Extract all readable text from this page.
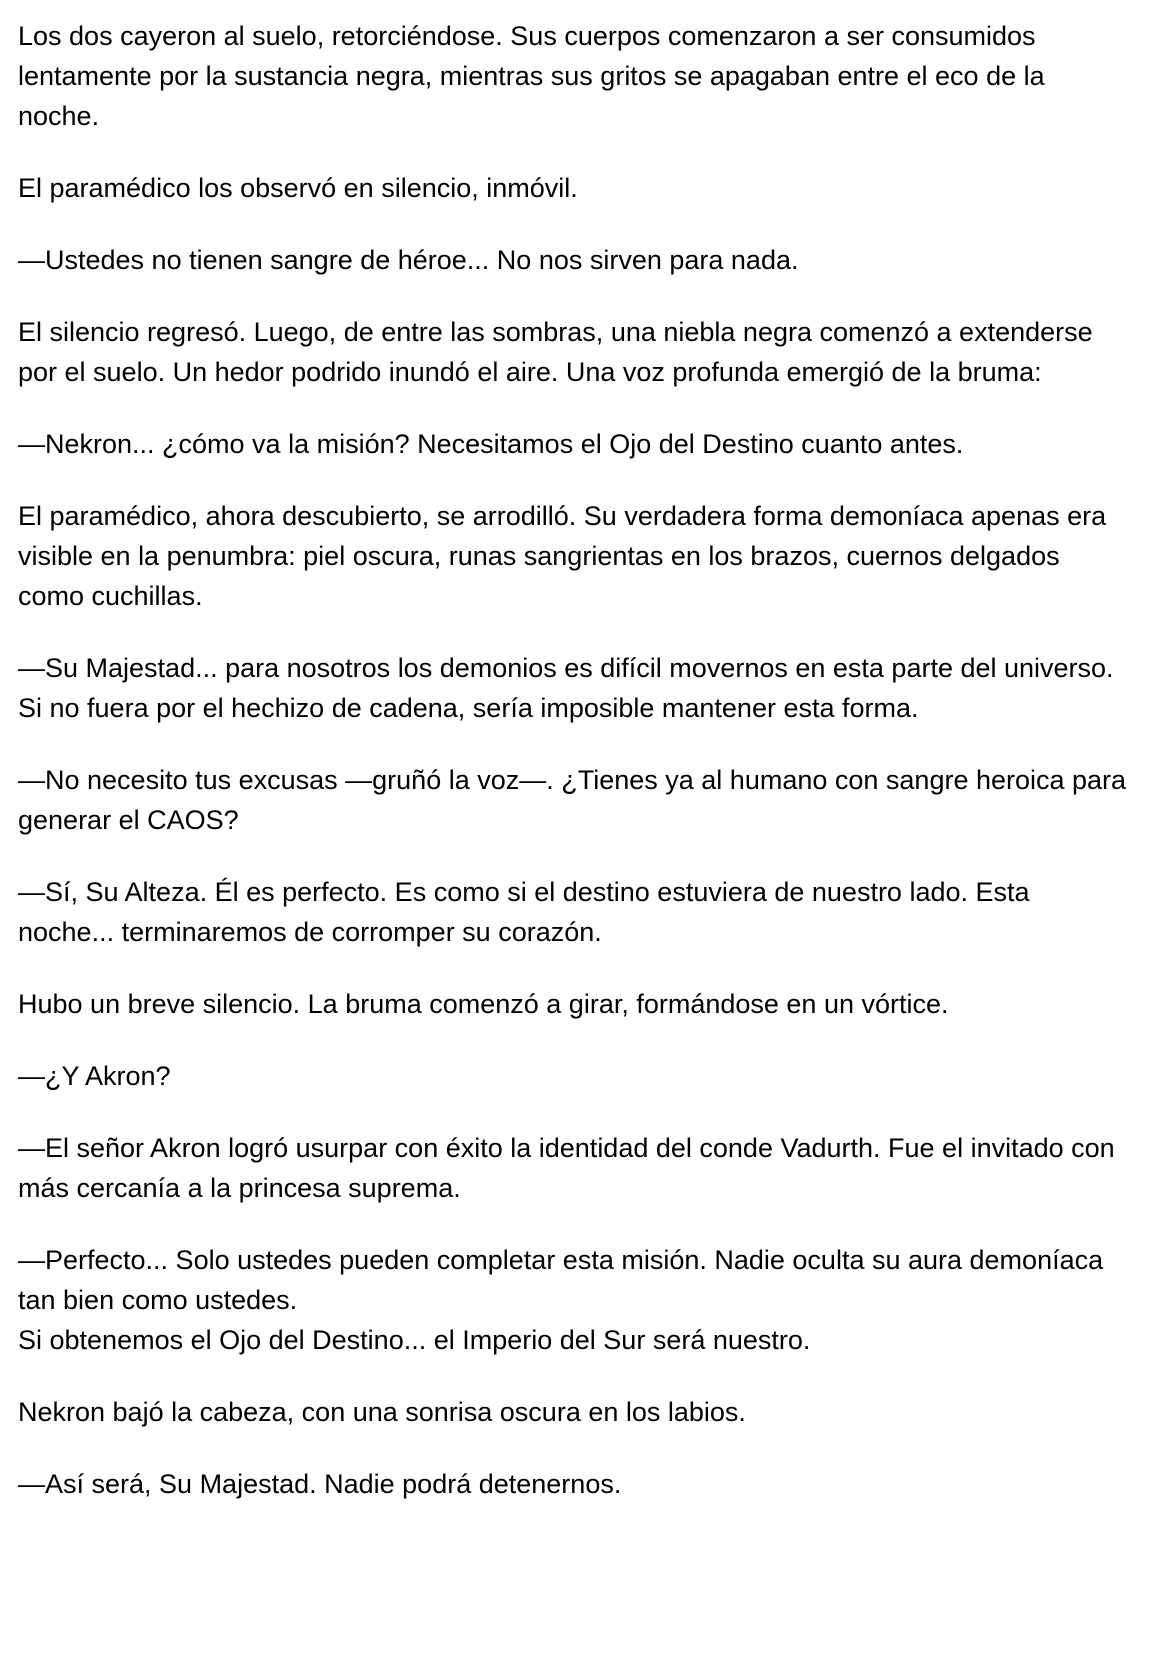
Los dos cayeron al suelo, retorciéndose. Sus cuerpos comenzaron a ser consumidos lentamente por la sustancia negra, mientras sus gritos se apagaban entre el eco de la noche.

El paramédico los observó en silencio, inmóvil.

—Ustedes no tienen sangre de héroe... No nos sirven para nada.

El silencio regresó. Luego, de entre las sombras, una niebla negra comenzó a extenderse por el suelo. Un hedor podrido inundó el aire. Una voz profunda emergió de la bruma:

—Nekron... ¿cómo va la misión? Necesitamos el Ojo del Destino cuanto antes.

El paramédico, ahora descubierto, se arrodilló. Su verdadera forma demoníaca apenas era visible en la penumbra: piel oscura, runas sangrientas en los brazos, cuernos delgados como cuchillas.

—Su Majestad... para nosotros los demonios es difícil movernos en esta parte del universo. Si no fuera por el hechizo de cadena, sería imposible mantener esta forma.

—No necesito tus excusas —gruñó la voz—. ¿Tienes ya al humano con sangre heroica para generar el CAOS?

—Sí, Su Alteza. Él es perfecto. Es como si el destino estuviera de nuestro lado. Esta noche... terminaremos de corromper su corazón.

Hubo un breve silencio. La bruma comenzó a girar, formándose en un vórtice.

—¿Y Akron?

—El señor Akron logró usurpar con éxito la identidad del conde Vadurth. Fue el invitado con más cercanía a la princesa suprema.

—Perfecto... Solo ustedes pueden completar esta misión. Nadie oculta su aura demoníaca tan bien como ustedes.
Si obtenemos el Ojo del Destino... el Imperio del Sur será nuestro.

Nekron bajó la cabeza, con una sonrisa oscura en los labios.

—Así será, Su Majestad. Nadie podrá detenernos.
